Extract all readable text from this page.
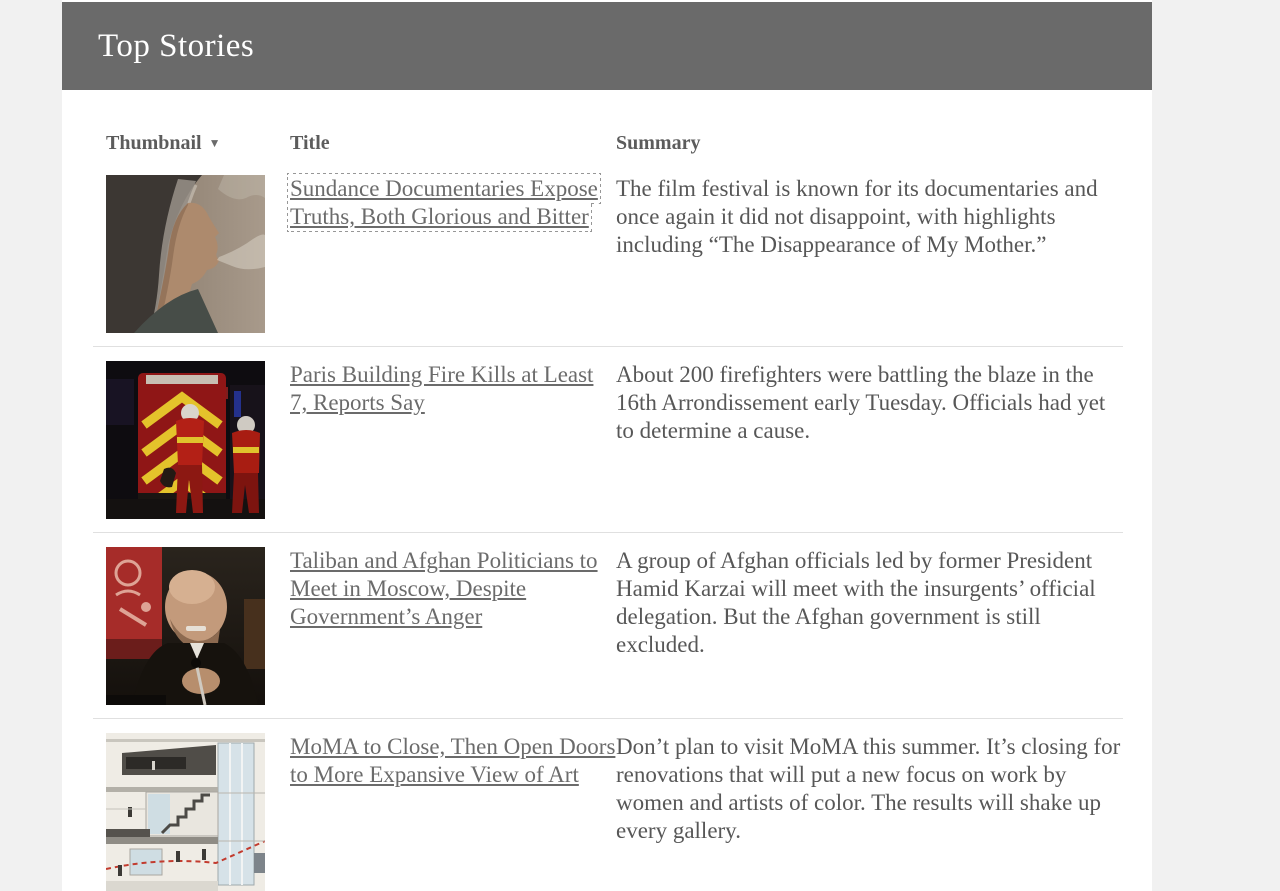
Top Stories
Thumbnail ▼	Title	Summary
Sundance Documentaries Expose Truths, Both Glorious and Bitter
The film festival is known for its documentaries and once again it did not disappoint, with highlights including “The Disappearance of My Mother.”
Paris Building Fire Kills at Least 7, Reports Say
About 200 firefighters were battling the blaze in the 16th Arrondissement early Tuesday. Officials had yet to determine a cause.
Taliban and Afghan Politicians to Meet in Moscow, Despite Government’s Anger
A group of Afghan officials led by former President Hamid Karzai will meet with the insurgents’ official delegation. But the Afghan government is still excluded.
MoMA to Close, Then Open Doors to More Expansive View of Art
Don’t plan to visit MoMA this summer. It’s closing for renovations that will put a new focus on work by women and artists of color. The results will shake up every gallery.
